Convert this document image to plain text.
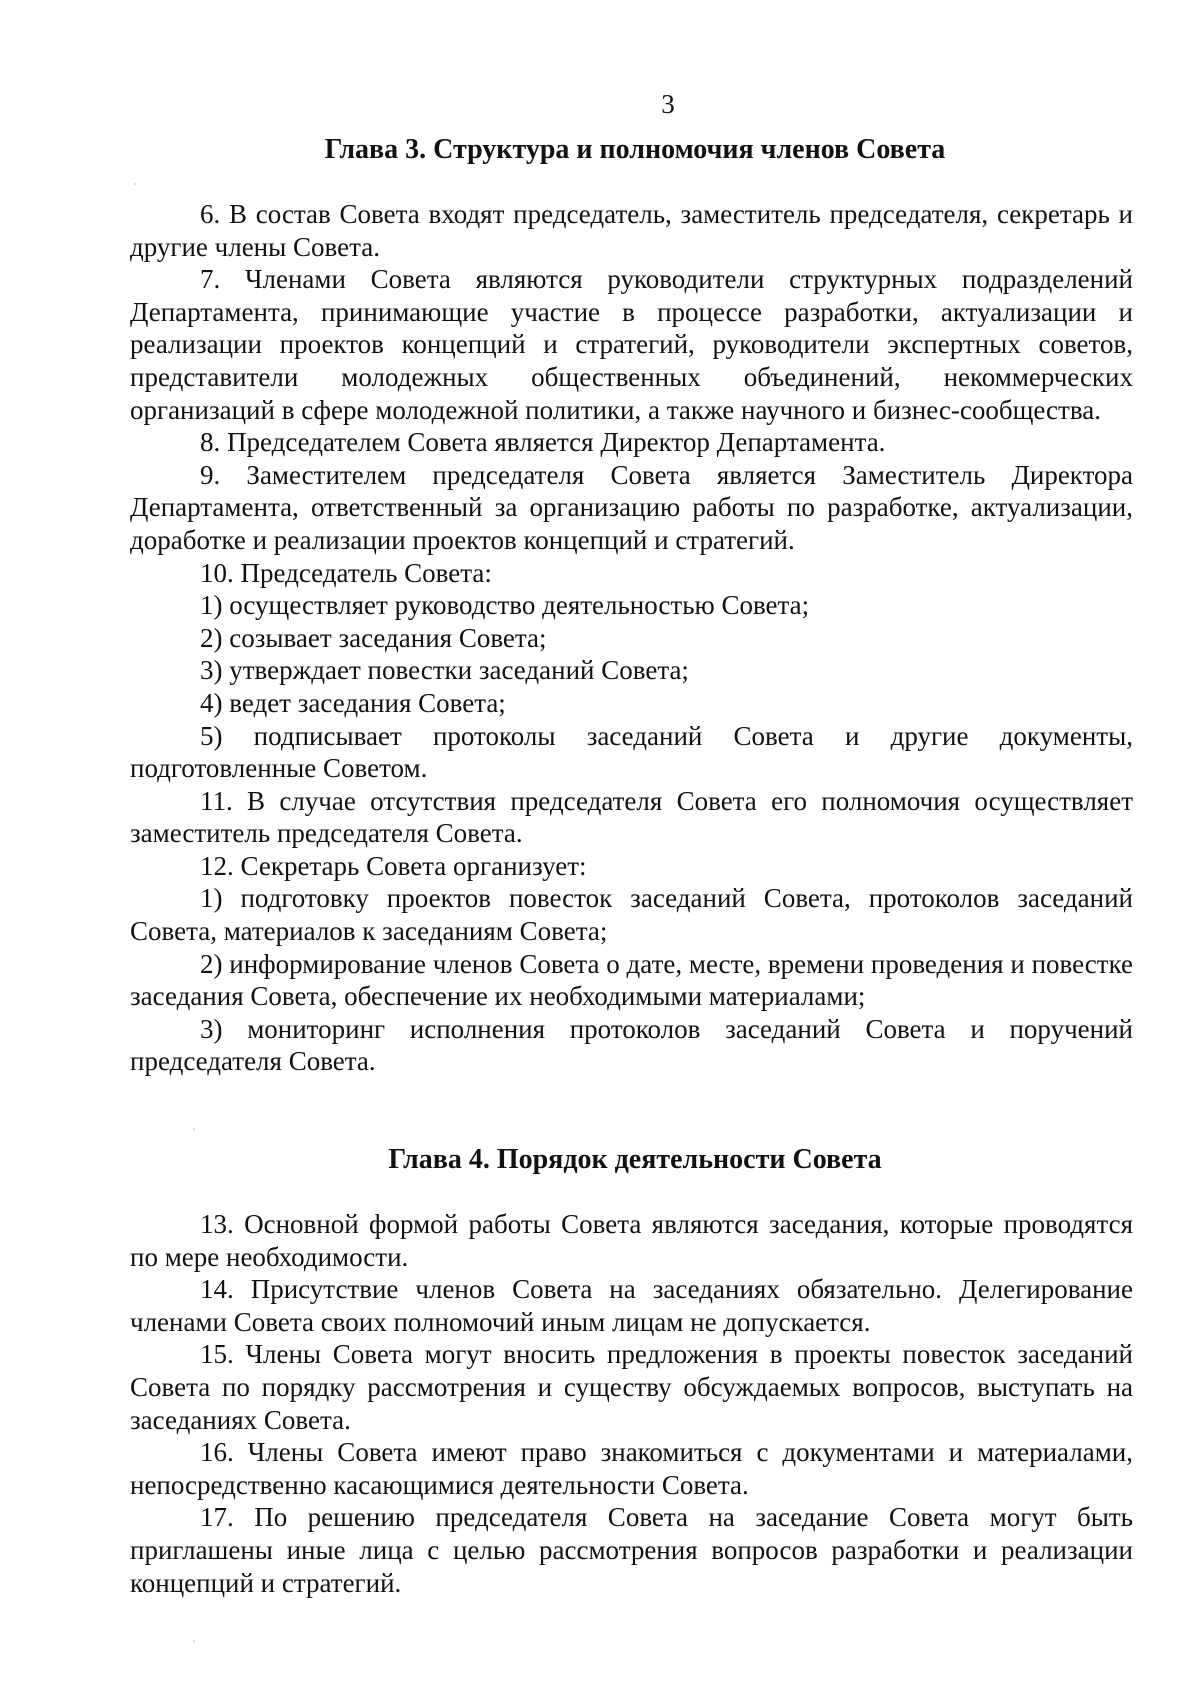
3
Глава 3. Структура и полномочия членов Совета

6. В состав Совета входят председатель, заместитель председателя, секретарь и другие члены Совета.

7. Членами Совета являются руководители структурных подразделений Департамента, принимающие участие в процессе разработки, актуализации и реализации проектов концепций и стратегий, руководители экспертных советов, представители молодежных общественных объединений, некоммерческих организаций в сфере молодежной политики, а также научного и бизнес-сообщества.

8. Председателем Совета является Директор Департамента.

9. Заместителем председателя Совета является Заместитель Директора Департамента, ответственный за организацию работы по разработке, актуализации, доработке и реализации проектов концепций и стратегий.

10. Председатель Совета:

1) осуществляет руководство деятельностью Совета;

2) созывает заседания Совета;

3) утверждает повестки заседаний Совета;

4) ведет заседания Совета;

5) подписывает протоколы заседаний Совета и другие документы, подготовленные Советом.

11. В случае отсутствия председателя Совета его полномочия осуществляет заместитель председателя Совета.

12. Секретарь Совета организует:

1) подготовку проектов повесток заседаний Совета, протоколов заседаний Совета, материалов к заседаниям Совета;

2) информирование членов Совета о дате, месте, времени проведения и повестке заседания Совета, обеспечение их необходимыми материалами;

3) мониторинг исполнения протоколов заседаний Совета и поручений председателя Совета.

Глава 4. Порядок деятельности Совета

13. Основной формой работы Совета являются заседания, которые проводятся по мере необходимости.

14. Присутствие членов Совета на заседаниях обязательно. Делегирование членами Совета своих полномочий иным лицам не допускается.

15. Члены Совета могут вносить предложения в проекты повесток заседаний Совета по порядку рассмотрения и существу обсуждаемых вопросов, выступать на заседаниях Совета.

16. Члены Совета имеют право знакомиться с документами и материалами, непосредственно касающимися деятельности Совета.

17. По решению председателя Совета на заседание Совета могут быть приглашены иные лица с целью рассмотрения вопросов разработки и реализации концепций и стратегий.
